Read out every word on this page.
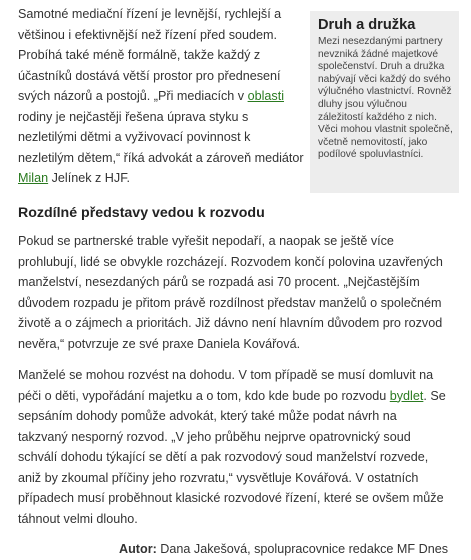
Samotné mediační řízení je levnější, rychlejší a většinou i efektivnější než řízení před soudem. Probíhá také méně formálně, takže každý z účastníků dostává větší prostor pro přednesení svých názorů a postojů. „Při mediacích v oblasti rodiny je nejčastěji řešena úprava styku s nezletilými dětmi a vyživovací povinnost k nezletilým dětem,“ říká advokát a zároveň mediátor Milan Jelínek z HJF.

Druh a družka

Mezi nesezdanými partnery nevzniká žádné majetkové společenství. Druh a družka nabývají věci každý do svého výlučného vlastnictví. Rovněž dluhy jsou výlučnou záležitostí každého z nich. Věci mohou vlastnit společně, včetně nemovitostí, jako podílové spoluvlastníci.

Rozdílné představy vedou k rozvodu

Pokud se partnerské trable vyřešit nepodaří, a naopak se ještě více prohlubují, lidé se obvykle rozcházejí. Rozvodem končí polovina uzavřených manželství, nesezdaných párů se rozpadá asi 70 procent. „Nejčastějším důvodem rozpadu je přitom právě rozdílnost představ manželů o společném životě a o zájmech a prioritách. Již dávno není hlavním důvodem pro rozvod nevěra,“ potvrzuje ze své praxe Daniela Kovářová.

Manželé se mohou rozvést na dohodu. V tom případě se musí domluvit na péči o děti, vypořádání majetku a o tom, kdo kde bude po rozvodu bydlet. Se sepsáním dohody pomůže advokát, který také může podat návrh na takzvaný nesporný rozvod. „V jeho průběhu nejprve opatrovnický soud schválí dohodu týkající se dětí a pak rozvodový soud manželství rozvede, aniž by zkoumal příčiny jeho rozvratu,“ vysvětluje Kovářová. V ostatních případech musí proběhnout klasické rozvodové řízení, které se ovšem může táhnout velmi dlouho.

Autor: Dana Jakešová, spolupracovnice redakce MF Dnes
